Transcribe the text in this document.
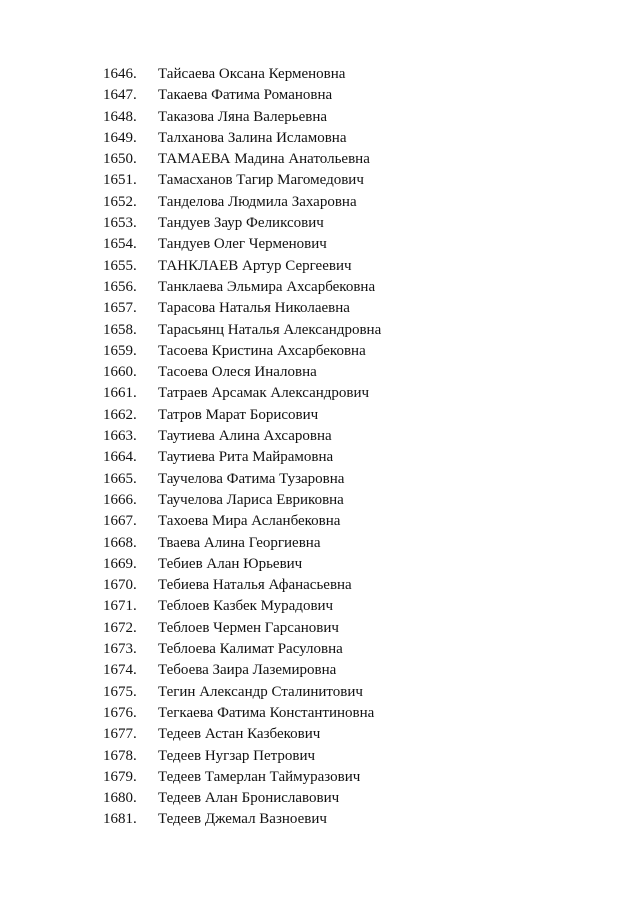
1646. Тайсаева Оксана Керменовна
1647. Такаева Фатима Романовна
1648. Таказова Ляна Валерьевна
1649. Талханова Залина Исламовна
1650. ТАМАЕВА Мадина Анатольевна
1651. Тамасханов Тагир Магомедович
1652. Танделова Людмила Захаровна
1653. Тандуев Заур Феликсович
1654. Тандуев Олег Черменович
1655. ТАНКЛАЕВ Артур Сергеевич
1656. Танклаева Эльмира Ахсарбековна
1657. Тарасова Наталья Николаевна
1658. Тарасьянц Наталья Александровна
1659. Тасоева Кристина Ахсарбековна
1660. Тасоева Олеся Иналовна
1661. Татраев Арсамак Александрович
1662. Татров Марат Борисович
1663. Таутиева Алина Ахсаровна
1664. Таутиева Рита Майрамовна
1665. Таучелова Фатима Тузаровна
1666. Таучелова Лариса Евриковна
1667. Тахоева Мира Асланбековна
1668. Тваева Алина Георгиевна
1669. Тебиев Алан Юрьевич
1670. Тебиева Наталья Афанасьевна
1671. Теблоев Казбек Мурадович
1672. Теблоев Чермен Гарсанович
1673. Теблоева Калимат Расуловна
1674. Тебоева Заира Лаземировна
1675. Тегин Александр Сталинитович
1676. Тегкаева Фатима Константиновна
1677. Тедеев Астан Казбекович
1678. Тедеев Нугзар Петрович
1679. Тедеев Тамерлан Таймуразович
1680. Тедеев Алан Брониславович
1681. Тедеев Джемал Вазноевич
